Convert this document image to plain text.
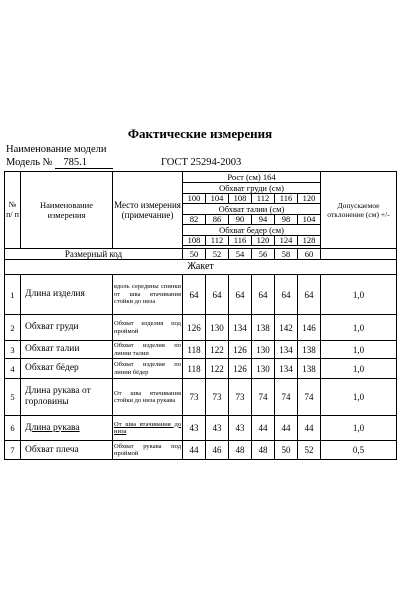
Фактические измерения
Наименование модели
Модель № 785.1	ГОСТ 25294-2003
№ п/ п	Наименование измерения	Место измерения (примечание)	Рост (см) 164						Допускаемое отклонение (см) +/-
			Обхват груди (см)						
			100	104	108	112	116	120	
			Обхват талии (см)						
			82	86	90	94	98	104	
			Обхват бедер (см)						
			108	112	116	120	124	128	

Размерный код			50	52	54	56	58	60	
Жакет									
1	Длина изделия	вдоль середины спинки от шва втачивания стойки до низа	64	64	64	64	64	64	1,0
2	Обхват груди	Обхват изделия под проймой	126	130	134	138	142	146	1,0
3	Обхват талии	Обхват изделия по линии талии	118	122	126	130	134	138	1,0
4	Обхват бёдер	Обхват изделия по линии бёдер	118	122	126	130	134	138	1,0
5	Длина рукава от горловины	От шва втачивания стойки до низа рукава	73	73	73	74	74	74	1,0
6	Длина рукава	От шва втачивания до низа	43	43	43	44	44	44	1,0
7	Обхват плеча	Обхват рукава под проймой	44	46	48	48	50	52	0,5
